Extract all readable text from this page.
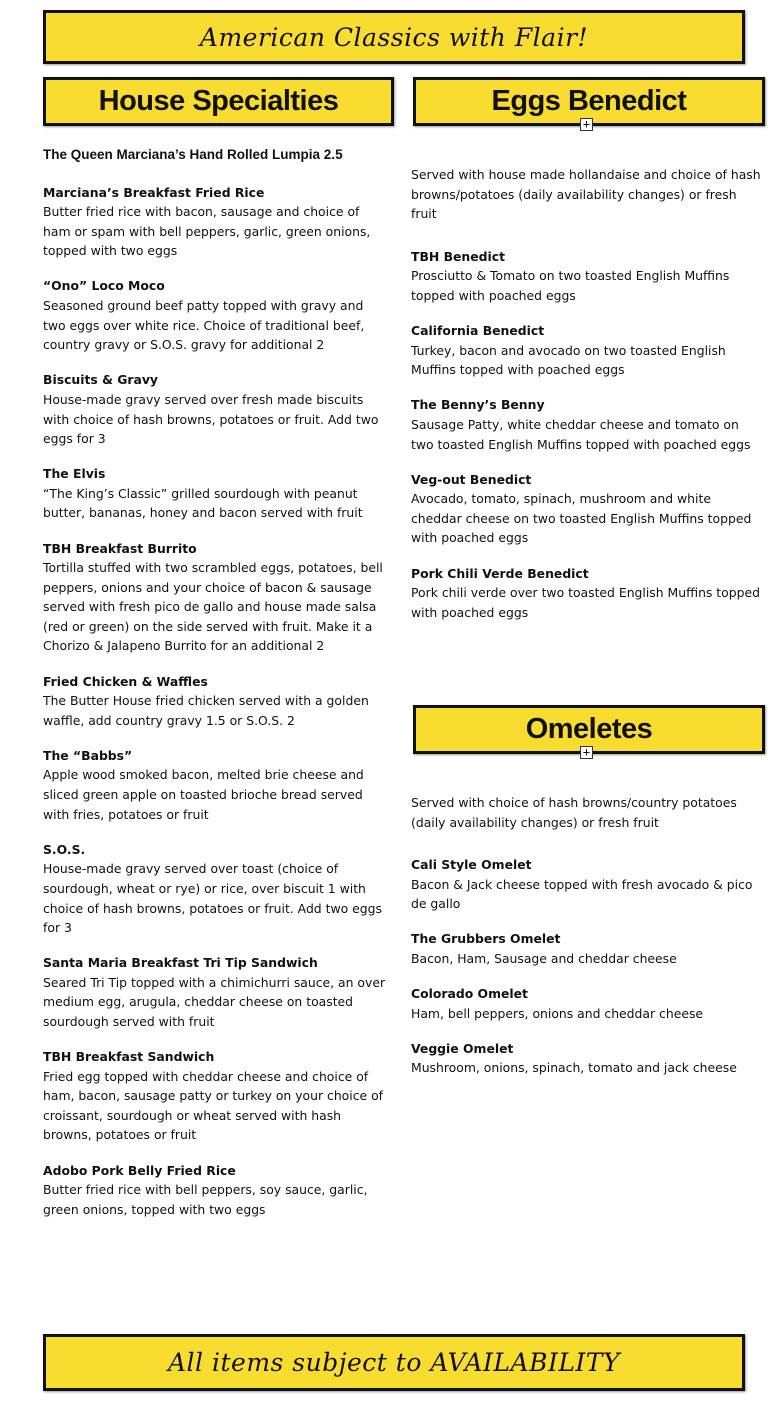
American Classics with Flair!
House Specialties	Eggs Benedict
+
The Queen Marciana’s Hand Rolled Lumpia 2.5
Marciana’s Breakfast Fried Rice
Butter fried rice with bacon, sausage and choice of ham or spam with bell peppers, garlic, green onions, topped with two eggs
“Ono” Loco Moco
Seasoned ground beef patty topped with gravy and two eggs over white rice. Choice of traditional beef, country gravy or S.O.S. gravy for additional 2
Biscuits & Gravy
House-made gravy served over fresh made biscuits with choice of hash browns, potatoes or fruit. Add two eggs for 3
The Elvis
“The King’s Classic” grilled sourdough with peanut butter, bananas, honey and bacon served with fruit
TBH Breakfast Burrito
Tortilla stuffed with two scrambled eggs, potatoes, bell peppers, onions and your choice of bacon & sausage served with fresh pico de gallo and house made salsa (red or green) on the side served with fruit. Make it a Chorizo & Jalapeno Burrito for an additional 2
Fried Chicken & Waffles
The Butter House fried chicken served with a golden waffle, add country gravy 1.5 or S.O.S. 2
The “Babbs”
Apple wood smoked bacon, melted brie cheese and sliced green apple on toasted brioche bread served with fries, potatoes or fruit
S.O.S.
House-made gravy served over toast (choice of sourdough, wheat or rye) or rice, over biscuit 1 with choice of hash browns, potatoes or fruit. Add two eggs for 3
Santa Maria Breakfast Tri Tip Sandwich
Seared Tri Tip topped with a chimichurri sauce, an over medium egg, arugula, cheddar cheese on toasted sourdough served with fruit
TBH Breakfast Sandwich
Fried egg topped with cheddar cheese and choice of ham, bacon, sausage patty or turkey on your choice of croissant, sourdough or wheat served with hash browns, potatoes or fruit
Adobo Pork Belly Fried Rice
Butter fried rice with bell peppers, soy sauce, garlic, green onions, topped with two eggs
Served with house made hollandaise and choice of hash browns/potatoes (daily availability changes) or fresh fruit
TBH Benedict
Prosciutto & Tomato on two toasted English Muffins topped with poached eggs
California Benedict
Turkey, bacon and avocado on two toasted English Muffins topped with poached eggs
The Benny’s Benny
Sausage Patty, white cheddar cheese and tomato on two toasted English Muffins topped with poached eggs
Veg-out Benedict
Avocado, tomato, spinach, mushroom and white cheddar cheese on two toasted English Muffins topped with poached eggs
Pork Chili Verde Benedict
Pork chili verde over two toasted English Muffins topped with poached eggs
Omeletes
+
Served with choice of hash browns/country potatoes (daily availability changes) or fresh fruit
Cali Style Omelet
Bacon & Jack cheese topped with fresh avocado & pico de gallo
The Grubbers Omelet
Bacon, Ham, Sausage and cheddar cheese
Colorado Omelet
Ham, bell peppers, onions and cheddar cheese
Veggie Omelet
Mushroom, onions, spinach, tomato and jack cheese
All items subject to AVAILABILITY
